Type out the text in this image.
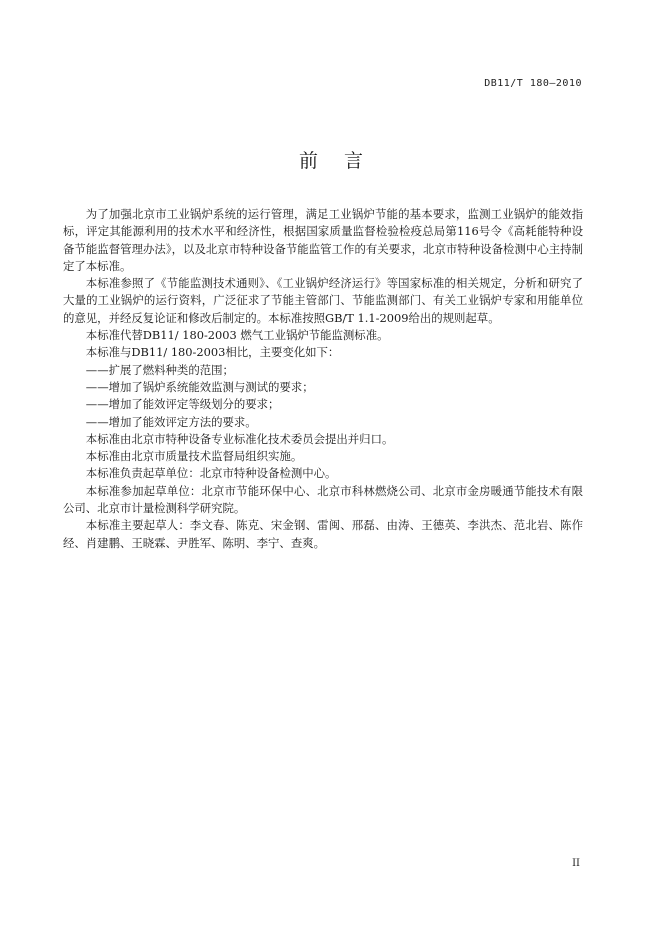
DB11/T 180—2010
前言

为了加强北京市工业锅炉系统的运行管理，满足工业锅炉节能的基本要求，监测工业锅炉的能效指标，评定其能源利用的技术水平和经济性，根据国家质量监督检验检疫总局第116号令《高耗能特种设备节能监督管理办法》，以及北京市特种设备节能监管工作的有关要求，北京市特种设备检测中心主持制定了本标准。

本标准参照了《节能监测技术通则》、《工业锅炉经济运行》等国家标准的相关规定，分析和研究了大量的工业锅炉的运行资料，广泛征求了节能主管部门、节能监测部门、有关工业锅炉专家和用能单位的意见，并经反复论证和修改后制定的。本标准按照GB/T 1.1-2009给出的规则起草。

本标准代替DB11/ 180-2003 燃气工业锅炉节能监测标准。

本标准与DB11/ 180-2003相比，主要变化如下：

——扩展了燃料种类的范围；

——增加了锅炉系统能效监测与测试的要求；

——增加了能效评定等级划分的要求；

——增加了能效评定方法的要求。

本标准由北京市特种设备专业标准化技术委员会提出并归口。

本标准由北京市质量技术监督局组织实施。

本标准负责起草单位：北京市特种设备检测中心。

本标准参加起草单位：北京市节能环保中心、北京市科林燃烧公司、北京市金房暖通节能技术有限公司、北京市计量检测科学研究院。

本标准主要起草人：李文春、陈克、宋金钢、雷闽、邢磊、由涛、王德英、李洪杰、范北岩、陈作经、肖建鹏、王晓霖、尹胜军、陈明、李宁、查爽。

II
